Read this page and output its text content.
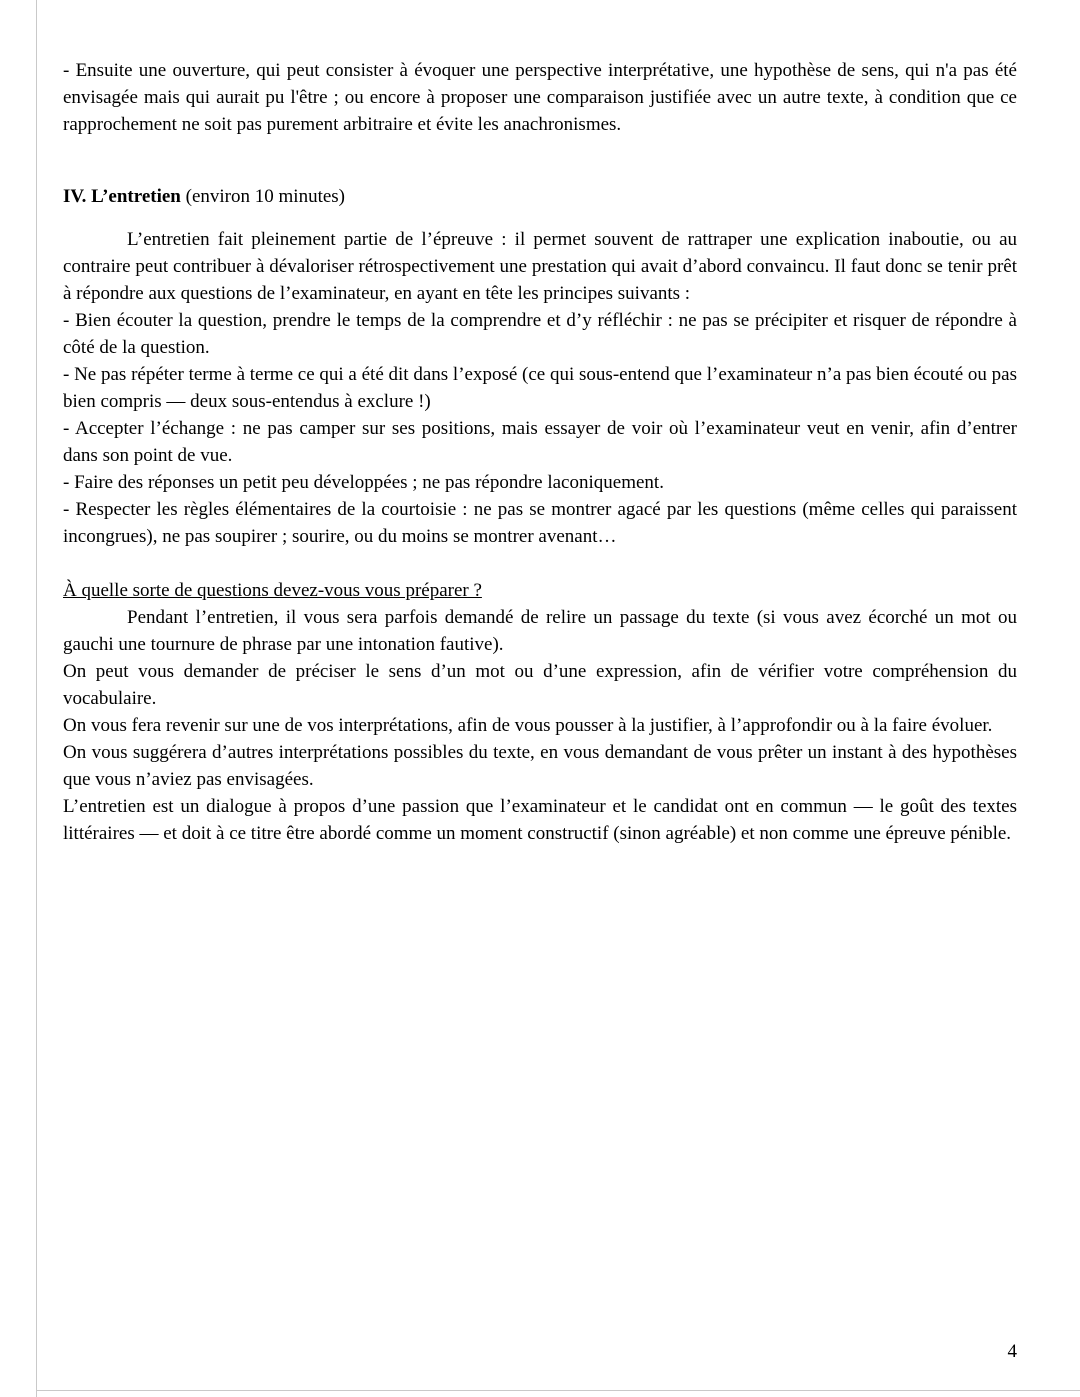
- Ensuite une ouverture, qui peut consister à évoquer une perspective interprétative, une hypothèse de sens, qui n'a pas été envisagée mais qui aurait pu l'être ; ou encore à proposer une comparaison justifiée avec un autre texte, à condition que ce rapprochement ne soit pas purement arbitraire et évite les anachronismes.

IV. L’entretien (environ 10 minutes)

L’entretien fait pleinement partie de l’épreuve : il permet souvent de rattraper une explication inaboutie, ou au contraire peut contribuer à dévaloriser rétrospectivement une prestation qui avait d’abord convaincu. Il faut donc se tenir prêt à répondre aux questions de l’examinateur, en ayant en tête les principes suivants :

- Bien écouter la question, prendre le temps de la comprendre et d’y réfléchir : ne pas se précipiter et risquer de répondre à côté de la question.

- Ne pas répéter terme à terme ce qui a été dit dans l’exposé (ce qui sous-entend que l’examinateur n’a pas bien écouté ou pas bien compris — deux sous-entendus à exclure !)

- Accepter l’échange : ne pas camper sur ses positions, mais essayer de voir où l’examinateur veut en venir, afin d’entrer dans son point de vue.

- Faire des réponses un petit peu développées ; ne pas répondre laconiquement.

- Respecter les règles élémentaires de la courtoisie : ne pas se montrer agacé par les questions (même celles qui paraissent incongrues), ne pas soupirer ; sourire, ou du moins se montrer avenant…

À quelle sorte de questions devez-vous vous préparer ?

Pendant l’entretien, il vous sera parfois demandé de relire un passage du texte (si vous avez écorché un mot ou gauchi une tournure de phrase par une intonation fautive).

On peut vous demander de préciser le sens d’un mot ou d’une expression, afin de vérifier votre compréhension du vocabulaire.

On vous fera revenir sur une de vos interprétations, afin de vous pousser à la justifier, à l’approfondir ou à la faire évoluer.

On vous suggérera d’autres interprétations possibles du texte, en vous demandant de vous prêter un instant à des hypothèses que vous n’aviez pas envisagées.

L’entretien est un dialogue à propos d’une passion que l’examinateur et le candidat ont en commun — le goût des textes littéraires — et doit à ce titre être abordé comme un moment constructif (sinon agréable) et non comme une épreuve pénible.

4
